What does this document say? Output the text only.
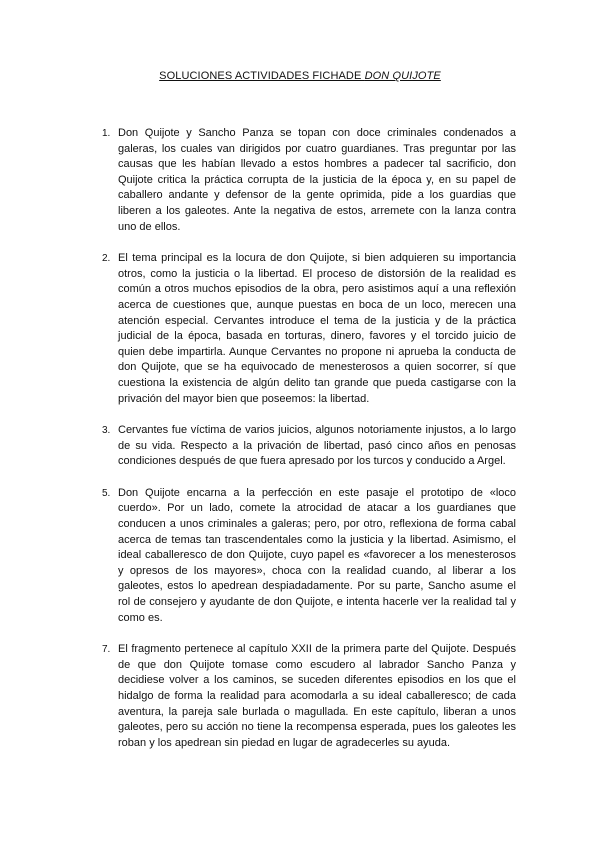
SOLUCIONES ACTIVIDADES FICHADE DON QUIJOTE
1. Don Quijote y Sancho Panza se topan con doce criminales condenados a galeras, los cuales van dirigidos por cuatro guardianes. Tras preguntar por las causas que les habían llevado a estos hombres a padecer tal sacrificio, don Quijote critica la práctica corrupta de la justicia de la época y, en su papel de caballero andante y defensor de la gente oprimida, pide a los guardias que liberen a los galeotes. Ante la negativa de estos, arremete con la lanza contra uno de ellos.
2. El tema principal es la locura de don Quijote, si bien adquieren su importancia otros, como la justicia o la libertad. El proceso de distorsión de la realidad es común a otros muchos episodios de la obra, pero asistimos aquí a una reflexión acerca de cuestiones que, aunque puestas en boca de un loco, merecen una atención especial. Cervantes introduce el tema de la justicia y de la práctica judicial de la época, basada en torturas, dinero, favores y el torcido juicio de quien debe impartirla. Aunque Cervantes no propone ni aprueba la conducta de don Quijote, que se ha equivocado de menesterosos a quien socorrer, sí que cuestiona la existencia de algún delito tan grande que pueda castigarse con la privación del mayor bien que poseemos: la libertad.
3. Cervantes fue víctima de varios juicios, algunos notoriamente injustos, a lo largo de su vida. Respecto a la privación de libertad, pasó cinco años en penosas condiciones después de que fuera apresado por los turcos y conducido a Argel.
5. Don Quijote encarna a la perfección en este pasaje el prototipo de «loco cuerdo». Por un lado, comete la atrocidad de atacar a los guardianes que conducen a unos criminales a galeras; pero, por otro, reflexiona de forma cabal acerca de temas tan trascendentales como la justicia y la libertad. Asimismo, el ideal caballeresco de don Quijote, cuyo papel es «favorecer a los menesterosos y opresos de los mayores», choca con la realidad cuando, al liberar a los galeotes, estos lo apedrean despiadadamente. Por su parte, Sancho asume el rol de consejero y ayudante de don Quijote, e intenta hacerle ver la realidad tal y como es.
7. El fragmento pertenece al capítulo XXII de la primera parte del Quijote. Después de que don Quijote tomase como escudero al labrador Sancho Panza y decidiese volver a los caminos, se suceden diferentes episodios en los que el hidalgo de forma la realidad para acomodarla a su ideal caballeresco; de cada aventura, la pareja sale burlada o magullada. En este capítulo, liberan a unos galeotes, pero su acción no tiene la recompensa esperada, pues los galeotes les roban y los apedrean sin piedad en lugar de agradecerles su ayuda.
